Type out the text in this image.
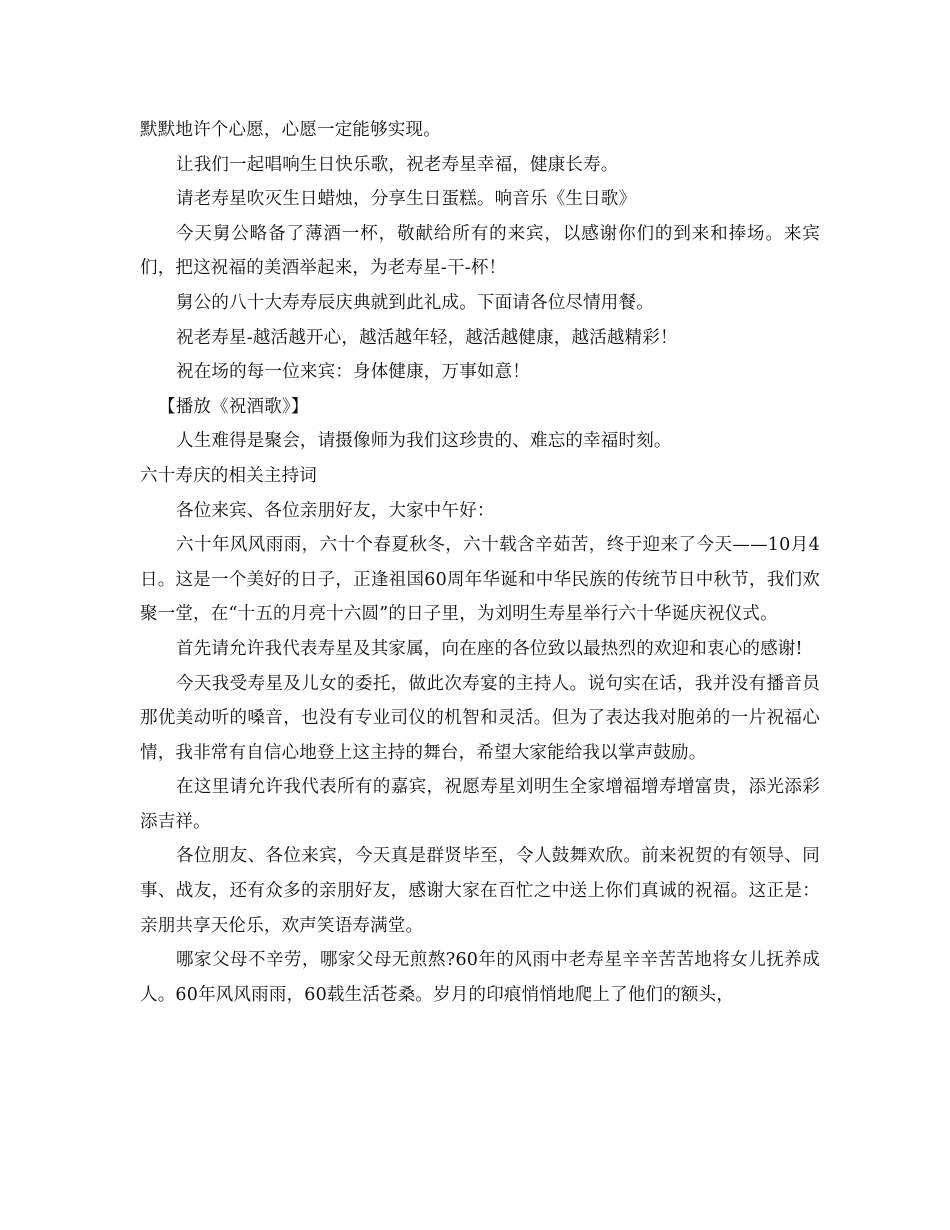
默默地许个心愿，心愿一定能够实现。

让我们一起唱响生日快乐歌，祝老寿星幸福，健康长寿。

请老寿星吹灭生日蜡烛，分享生日蛋糕。响音乐《生日歌》

今天舅公略备了薄酒一杯，敬献给所有的来宾，以感谢你们的到来和捧场。来宾们，把这祝福的美酒举起来，为老寿星-干-杯！

舅公的八十大寿寿辰庆典就到此礼成。下面请各位尽情用餐。

祝老寿星-越活越开心，越活越年轻，越活越健康，越活越精彩！

祝在场的每一位来宾：身体健康，万事如意！

【播放《祝酒歌》】

人生难得是聚会，请摄像师为我们这珍贵的、难忘的幸福时刻。

六十寿庆的相关主持词

各位来宾、各位亲朋好友，大家中午好：

六十年风风雨雨，六十个春夏秋冬，六十载含辛茹苦，终于迎来了今天——10月4日。这是一个美好的日子，正逢祖国60周年华诞和中华民族的传统节日中秋节，我们欢聚一堂，在“十五的月亮十六圆”的日子里，为刘明生寿星举行六十华诞庆祝仪式。

首先请允许我代表寿星及其家属，向在座的各位致以最热烈的欢迎和衷心的感谢!

今天我受寿星及儿女的委托，做此次寿宴的主持人。说句实在话，我并没有播音员那优美动听的嗓音，也没有专业司仪的机智和灵活。但为了表达我对胞弟的一片祝福心情，我非常有自信心地登上这主持的舞台，希望大家能给我以掌声鼓励。

在这里请允许我代表所有的嘉宾，祝愿寿星刘明生全家增福增寿增富贵，添光添彩添吉祥。

各位朋友、各位来宾，今天真是群贤毕至，令人鼓舞欢欣。前来祝贺的有领导、同事、战友，还有众多的亲朋好友，感谢大家在百忙之中送上你们真诚的祝福。这正是：亲朋共享天伦乐，欢声笑语寿满堂。

哪家父母不辛劳，哪家父母无煎熬?60年的风雨中老寿星辛辛苦苦地将女儿抚养成人。60年风风雨雨，60载生活苍桑。岁月的印痕悄悄地爬上了他们的额头，
